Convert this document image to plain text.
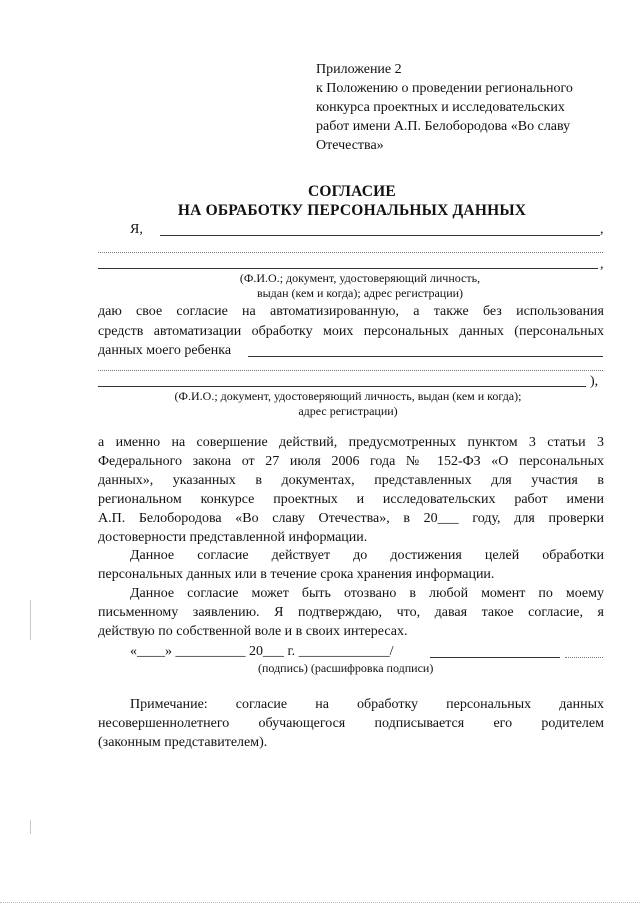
Приложение 2
к Положению о проведении регионального
конкурса проектных и исследовательских
работ имени А.П. Белобородова «Во славу
Отечества»
СОГЛАСИЕ
НА ОБРАБОТКУ ПЕРСОНАЛЬНЫХ ДАННЫХ
Я,	,
,
(Ф.И.О.; документ, удостоверяющий личность,
выдан (кем и когда); адрес регистрации)
даю свое согласие на автоматизированную, а также без использования
средств автоматизации обработку моих персональных данных (персональных
данных моего ребенка
),
(Ф.И.О.; документ, удостоверяющий личность, выдан (кем и когда);
адрес регистрации)
а именно на совершение действий, предусмотренных пунктом 3 статьи 3
Федерального закона от 27 июля 2006 года № 152-ФЗ «О персональных
данных», указанных в документах, представленных для участия в
региональном конкурсе проектных и исследовательских работ имени
А.П. Белобородова «Во славу Отечества», в 20___ году, для проверки
достоверности представленной информации.
Данное согласие действует до достижения целей обработки
персональных данных или в течение срока хранения информации.
Данное согласие может быть отозвано в любой момент по моему
письменному заявлению. Я подтверждаю, что, давая такое согласие, я
действую по собственной воле и в своих интересах.
«____» __________ 20___ г. _____________/
(подпись) (расшифровка подписи)
Примечание: согласие на обработку персональных данных
несовершеннолетнего обучающегося подписывается его родителем
(законным представителем).
